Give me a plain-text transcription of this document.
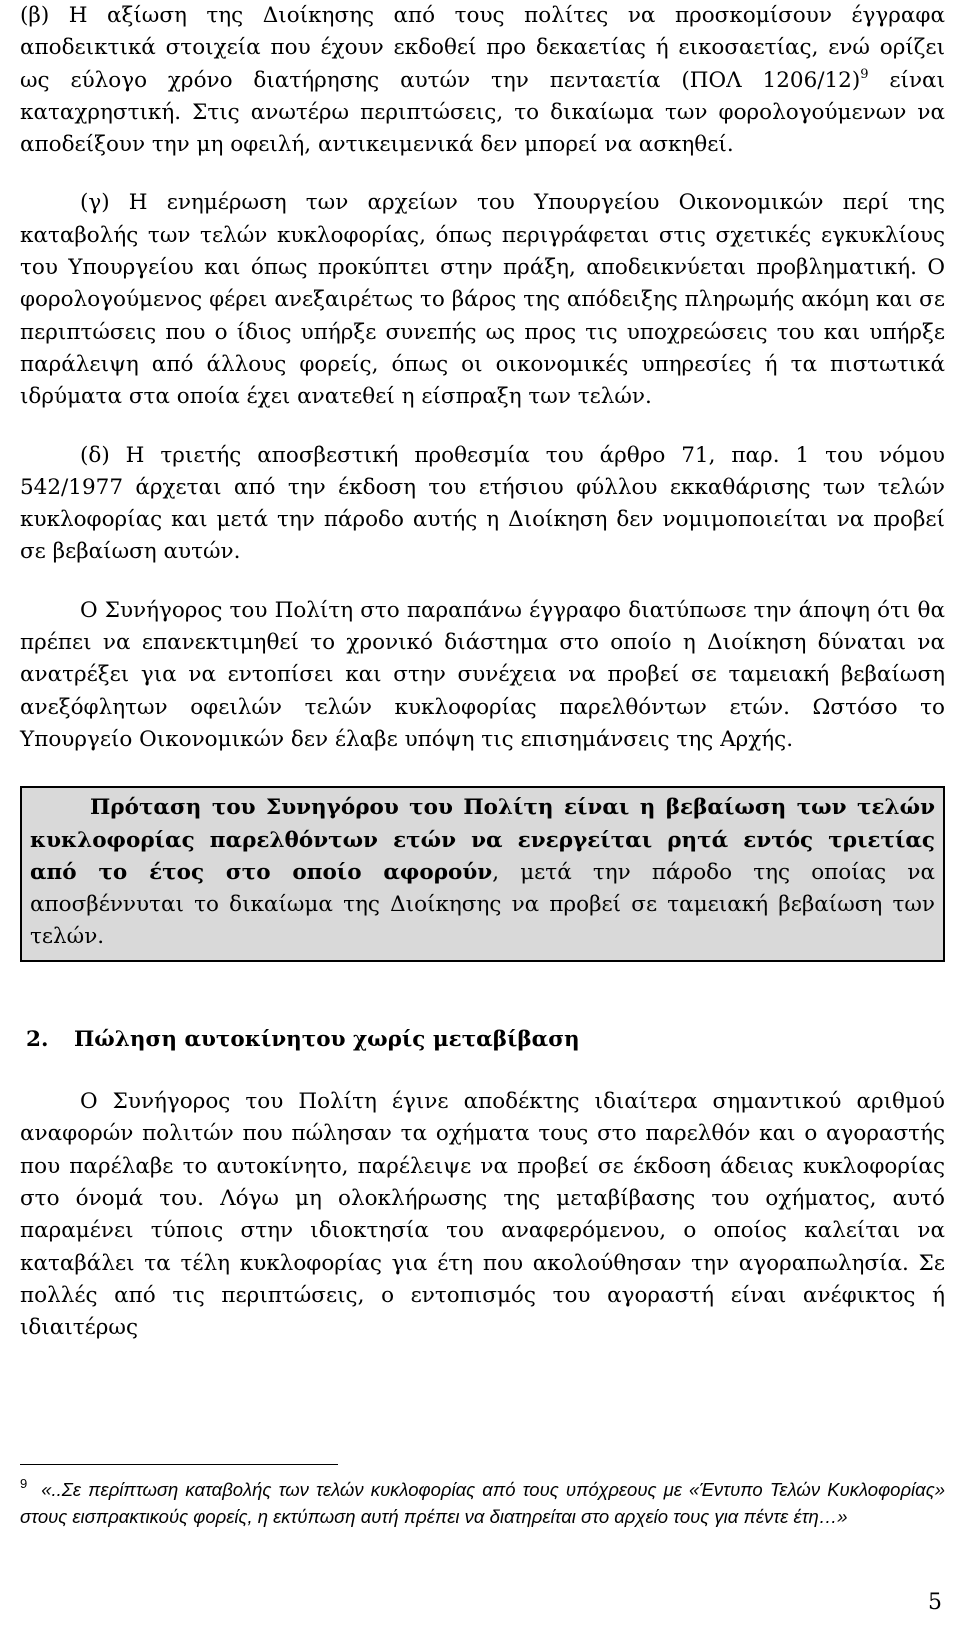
(β) Η αξίωση της Διοίκησης από τους πολίτες να προσκομίσουν έγγραφα αποδεικτικά στοιχεία που έχουν εκδοθεί προ δεκαετίας ή εικοσαετίας, ενώ ορίζει ως εύλογο χρόνο διατήρησης αυτών την πενταετία (ΠΟΛ 1206/12)$^9$ είναι καταχρηστική. Στις ανωτέρω περιπτώσεις, το δικαίωμα των φορολογούμενων να αποδείξουν την μη οφειλή, αντικειμενικά δεν μπορεί να ασκηθεί.

(γ) Η ενημέρωση των αρχείων του Υπουργείου Οικονομικών περί της καταβολής των τελών κυκλοφορίας, όπως περιγράφεται στις σχετικές εγκυκλίους του Υπουργείου και όπως προκύπτει στην πράξη, αποδεικνύεται προβληματική. Ο φορολογούμενος φέρει ανεξαιρέτως το βάρος της απόδειξης πληρωμής ακόμη και σε περιπτώσεις που ο ίδιος υπήρξε συνεπής ως προς τις υποχρεώσεις του και υπήρξε παράλειψη από άλλους φορείς, όπως οι οικονομικές υπηρεσίες ή τα πιστωτικά ιδρύματα στα οποία έχει ανατεθεί η είσπραξη των τελών.

(δ) Η τριετής αποσβεστική προθεσμία του άρθρο 71, παρ. 1 του νόμου 542/1977 άρχεται από την έκδοση του ετήσιου φύλλου εκκαθάρισης των τελών κυκλοφορίας και μετά την πάροδο αυτής η Διοίκηση δεν νομιμοποιείται να προβεί σε βεβαίωση αυτών.

Ο Συνήγορος του Πολίτη στο παραπάνω έγγραφο διατύπωσε την άποψη ότι θα πρέπει να επανεκτιμηθεί το χρονικό διάστημα στο οποίο η Διοίκηση δύναται να ανατρέξει για να εντοπίσει και στην συνέχεια να προβεί σε ταμειακή βεβαίωση ανεξόφλητων οφειλών τελών κυκλοφορίας παρελθόντων ετών. Ωστόσο το Υπουργείο Οικονομικών δεν έλαβε υπόψη τις επισημάνσεις της Αρχής.

Πρόταση του Συνηγόρου του Πολίτη είναι η βεβαίωση των τελών κυκλοφορίας παρελθόντων ετών να ενεργείται ρητά εντός τριετίας από το έτος στο οποίο αφορούν, μετά την πάροδο της οποίας να αποσβέννυται το δικαίωμα της Διοίκησης να προβεί σε ταμειακή βεβαίωση των τελών.
2. Πώληση αυτοκίνητου χωρίς μεταβίβαση

Ο Συνήγορος του Πολίτη έγινε αποδέκτης ιδιαίτερα σημαντικού αριθμού αναφορών πολιτών που πώλησαν τα οχήματα τους στο παρελθόν και ο αγοραστής που παρέλαβε το αυτοκίνητο, παρέλειψε να προβεί σε έκδοση άδειας κυκλοφορίας στο όνομά του. Λόγω μη ολοκλήρωσης της μεταβίβασης του οχήματος, αυτό παραμένει τύποις στην ιδιοκτησία του αναφερόμενου, ο οποίος καλείται να καταβάλει τα τέλη κυκλοφορίας για έτη που ακολούθησαν την αγοραπωλησία. Σε πολλές από τις περιπτώσεις, ο εντοπισμός του αγοραστή είναι ανέφικτος ή ιδιαιτέρως

$^9$ «..Σε περίπτωση καταβολής των τελών κυκλοφορίας από τους υπόχρεους με «Έντυπο Τελών Κυκλοφορίας» στους εισπρακτικούς φορείς, η εκτύπωση αυτή πρέπει να διατηρείται στο αρχείο τους για πέντε έτη…»
5
